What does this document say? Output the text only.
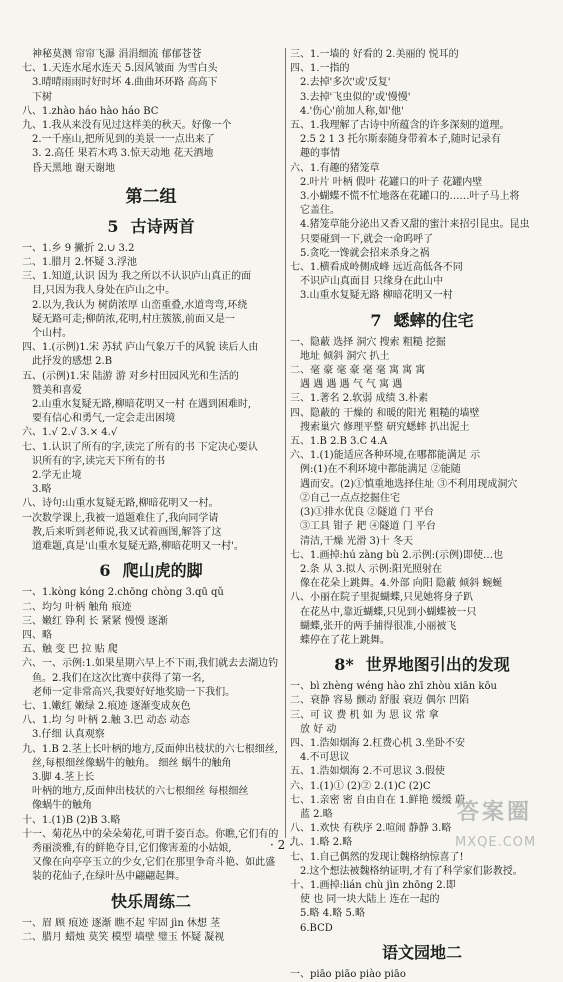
神秘莫测 帘帘飞瀑 涓涓细流 郁郁苍苍
七、1.天连水尾水连天 5.因风皱面 为雪白头
3.晴晴雨雨时好时坏 4.曲曲环环路 高高下
下树
八、1.zhào háo hào háo BC
九、1.我从来没有见过这样美的秋天。好像一个
2.一千座山,把所见到的美景一一点出来了
3. 2.高任 果若木鸡 3.惊天动地 花天酒地
昏天黑地 谢天谢地
第二组
5 古诗两首
一、1.乡 9 撇折 2.∪ 3.2
二、1.腊月 2.怀疑 3.浮池
三、1.知道,认识 因为 我之所以不认识庐山真正的面
目,只因为我人身处在庐山之中。
2.以为,我认为 树荫浓厚 山峦重叠,水道弯弯,环绕
疑无路可走;柳荫浓,花明,村庄簇簇,前面又是一
个山村。
四、1.(示例)1.宋 苏轼 庐山气象万千的风貌 读后人由
此抒发的感想 2.B
五、(示例)1.宋 陆游 游 对乡村田园风光和生活的
赞美和喜爱
2.山重水复疑无路,柳暗花明又一村 在遇到困难时,
要有信心和勇气,一定会走出困境
六、1.√ 2.√ 3.× 4.√
七、1.认识了所有的字,读完了所有的书 下定决心要认
识所有的字,读完天下所有的书
2.学无止境
3.略
八、诗句:山重水复疑无路,柳暗花明又一村。
一次数学课上,我被一道题难住了,我向同学请
教,后来听到老师说,我又试着画图,解答了这
道难题,真是'山重水复疑无路,柳暗花明又一村'。
6 爬山虎的脚
一、1.kòng kóng 2.chōng chòng 3.qū qǔ
二、均匀 叶柄 触角 痕迹
三、嫩红 铮利 长 紧紧 慢慢 逐渐
四、略
五、触 变 巴 拉 贴 爬
六、一、示例:1.如果星期六早上不下雨,我们就去去湖边钓
鱼。2.我们在这次比赛中获得了第一名,
老师一定非常高兴,我要好好地奖励一下我们。
七、1.嫩红 嫩绿 2.痕迹 逐渐变成灰色
八、1.均 匀 叶柄 2.触 3.巴 动态 动态
3.仔细 认真观察
九、1.B 2.茎上长叶柄的地方,反面伸出枝状的六七根细丝,
丝,每根细丝像蜗牛的触角。 细丝 蜗牛的触角
3.脚 4.茎上长
叶柄的地方,反面伸出枝状的六七根细丝 每根细丝
像蜗牛的触角
十、1.(1)B (2)B 3.略
十一、菊花丛中的朵朵菊花,可谓千姿百态。你瞧,它们有的
秀丽淡雅,有的鲜艳夺目,它们像害羞的小姑娘,
又像在向亭亭玉立的少女,它们在那里争奇斗艳、如此盛
装的花仙子,在绿叶丛中翩翩起舞。
快乐周练二
一、眉 顾 痕迹 逐渐 瞧不起 牢固 jìn 休想 茎
二、腊月 蜡烛 莫笑 模型 墙壁 璧玉 怀疑 凝视
三、1.一墙的 好看的 2.美丽的 悦耳的
四、1.一指的
2.去掉'多次'或'反复'
3.去掉'飞虫似的'或'慢慢'
4.'伤心'前加人称,如'他'
五、1.我理解了古诗中所蕴含的许多深刻的道理。
2.5 2 1 3 托尔斯泰随身带着本子,随时记录有
趣的事情
六、1.有趣的猪笼草
2.叶片 叶柄 假叶 花罐口的叶子 花罐内壁
3.小蝴蝶不慌不忙地落在花罐口的……叶子马上将
它盖住。
4.猪笼草能分泌出又香又甜的蜜汁来招引昆虫。昆虫
只要碰到一下,就会一命呜呼了
5.贪吃一馋就会招来杀身之祸
七、1.横看成岭侧成峰 远近高低各不同
不识庐山真面目 只缘身在此山中
3.山重水复疑无路 柳暗花明又一村
7 蟋蟀的住宅
一、隐蔽 选择 洞穴 搜索 粗糙 挖掘
地址 倾斜 洞穴 扒土
二、毫 豪 毫 豪 毫 毫 寓 寓 寓
遇 遇 遇 遇 气 气 寓 遇
三、1.著名 2.软弱 成绩 3.朴素
四、隐蔽的 干燥的 和暖的阳光 粗糙的墙壁
搜索巢穴 修理平整 研究蟋蟀 扒出泥土
五、1.B 2.B 3.C 4.A
六、1.(1)能适应各种环境,在哪都能满足 示
例:(1)在不利环境中都能满足 ②能随
遇而安。(2)①慎重地选择住址 ③不利用现成洞穴
②自己一点点挖掘住宅
(3)①排水优良 ②隧道 门 平台
③工具 钳子 耙 ④隧道 门 平台
清洁,干燥 光滑 3)十 冬天
七、1.画掉:hú zàng bù 2.示例:(示例)即使…也
2.条 从 3.拟人 示例:阳光照射在
像在花朵上跳舞。4.外部 向阳 隐蔽 倾斜 蜿蜒
八、小丽在院子里捉蝴蝶,只见她将身子趴
在花丛中,靠近蝴蝶,只见到小蝴蝶被一只
蝴蝶,张开的两手捕得很准,小丽被飞
蝶停在了花上跳舞。
8* 世界地图引出的发现
一、bì zhèng wéng hào zhī zhòu xiān kōu
二、衰静 容易 颤动 舒服 衰迈 偶尔 凹陷
三、可 议 费 机 如 为 思 议 常 拿
放 好 动
四、1.浩如烟海 2.杠费心机 3.坐卧不安
4.不可思议
五、1.浩如烟海 2.不可思议 3.假使
六、1.(1)① (2)② 2.(1)C (2)C
七、1.亲密 密 自由自在 1.鲜艳 缓缓 蔚
蓝 2.略
八、1.欢快 有秩序 2.喧闹 静静 3.略
九、1.略 2.略
七、1.自己偶然的发现让魏格纳惊喜了!
2.这个想法被魏格纳证明,才有了科学家们影教授。
十、1.画掉:lián chù jìn zhōng 2.即
使 也 同一块大陆上 连在一起的
5.略 4.略 5.略
6.BCD
语文园地二
一、piāo piāo piào piāo
· 2 ·
答案圈
MXQE.COM
